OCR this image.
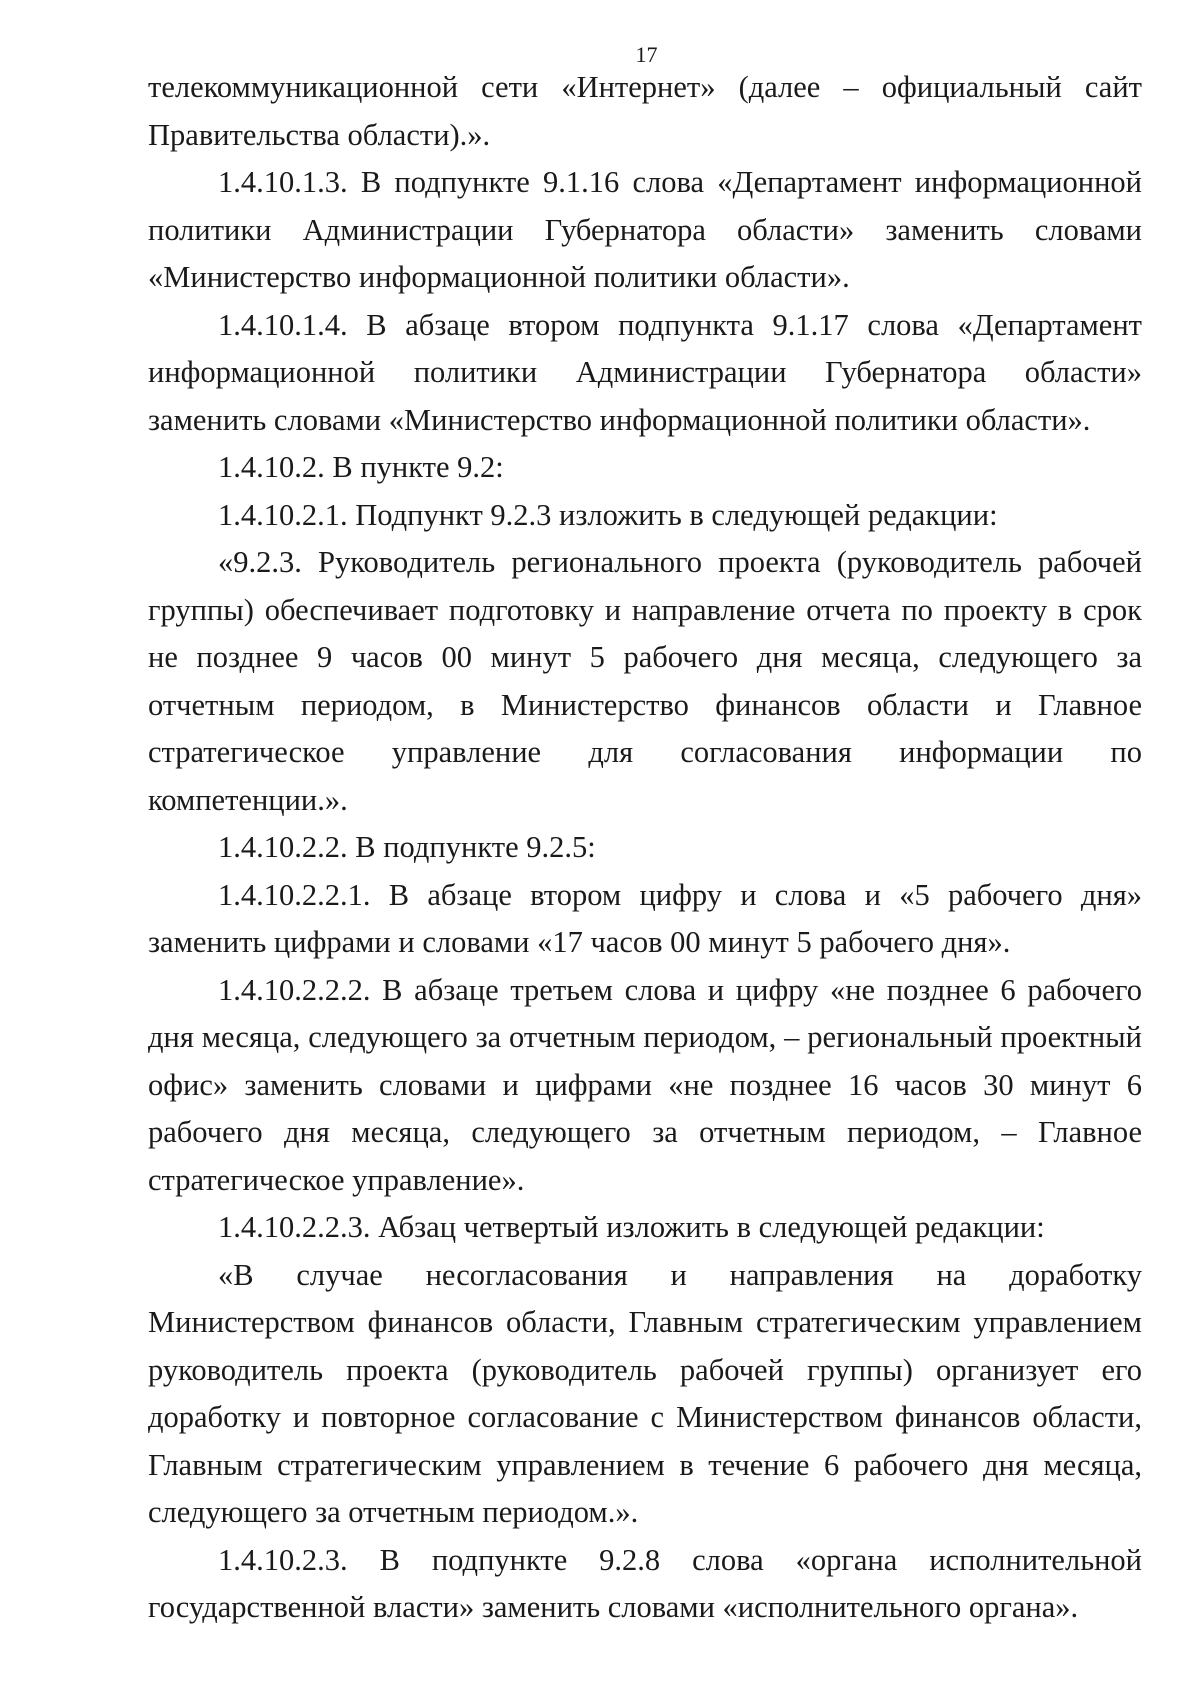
17

телекоммуникационной сети «Интернет» (далее – официальный сайт Правительства области).».

1.4.10.1.3. В подпункте 9.1.16 слова «Департамент информационной политики Администрации Губернатора области» заменить словами «Министерство информационной политики области».

1.4.10.1.4. В абзаце втором подпункта 9.1.17 слова «Департамент информационной политики Администрации Губернатора области» заменить словами «Министерство информационной политики области».

1.4.10.2. В пункте 9.2:

1.4.10.2.1. Подпункт 9.2.3 изложить в следующей редакции:

«9.2.3. Руководитель регионального проекта (руководитель рабочей группы) обеспечивает подготовку и направление отчета по проекту в срок не позднее 9 часов 00 минут 5 рабочего дня месяца, следующего за отчетным периодом, в Министерство финансов области и Главное стратегическое управление для согласования информации по компетенции.».

1.4.10.2.2. В подпункте 9.2.5:

1.4.10.2.2.1. В абзаце втором цифру и слова и «5 рабочего дня» заменить цифрами и словами «17 часов 00 минут 5 рабочего дня».

1.4.10.2.2.2. В абзаце третьем слова и цифру «не позднее 6 рабочего дня месяца, следующего за отчетным периодом, – региональный проектный офис» заменить словами и цифрами «не позднее 16 часов 30 минут 6 рабочего дня месяца, следующего за отчетным периодом, – Главное стратегическое управление».

1.4.10.2.2.3. Абзац четвертый изложить в следующей редакции:

«В случае несогласования и направления на доработку Министерством финансов области, Главным стратегическим управлением руководитель проекта (руководитель рабочей группы) организует его доработку и повторное согласование с Министерством финансов области, Главным стратегическим управлением в течение 6 рабочего дня месяца, следующего за отчетным периодом.».

1.4.10.2.3. В подпункте 9.2.8 слова «органа исполнительной государственной власти» заменить словами «исполнительного органа».
